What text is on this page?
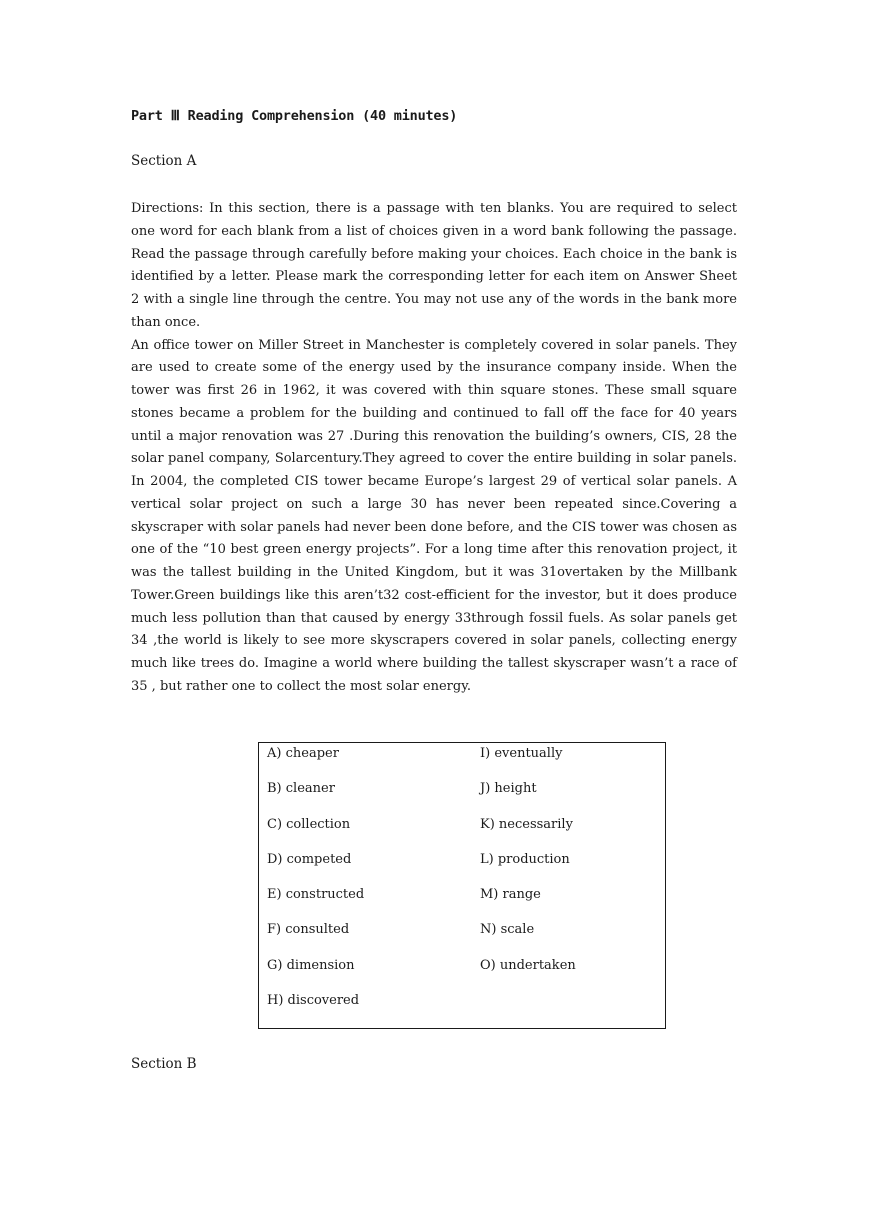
Part Ⅲ Reading Comprehension (40 minutes)
Section A

Directions: In this section, there is a passage with ten blanks. You are required to select one word for each blank from a list of choices given in a word bank following the passage. Read the passage through carefully before making your choices. Each choice in the bank is identified by a letter. Please mark the corresponding letter for each item on Answer Sheet 2 with a single line through the centre. You may not use any of the words in the bank more than once.

An office tower on Miller Street in Manchester is completely covered in solar panels. They are used to create some of the energy used by the insurance company inside. When the tower was first 26 in 1962, it was covered with thin square stones. These small square stones became a problem for the building and continued to fall off the face for 40 years until a major renovation was 27 .During this renovation the building’s owners, CIS, 28 the solar panel company, Solarcentury.They agreed to cover the entire building in solar panels. In 2004, the completed CIS tower became Europe’s largest 29 of vertical solar panels. A vertical solar project on such a large 30 has never been repeated since.Covering a skyscraper with solar panels had never been done before, and the CIS tower was chosen as one of the “10 best green energy projects”. For a long time after this renovation project, it was the tallest building in the United Kingdom, but it was 31overtaken by the Millbank Tower.Green buildings like this aren’t32 cost-efficient for the investor, but it does produce much less pollution than that caused by energy 33through fossil fuels. As solar panels get 34 ,the world is likely to see more skyscrapers covered in solar panels, collecting energy much like trees do. Imagine a world where building the tallest skyscraper wasn’t a race of 35 , but rather one to collect the most solar energy.

Section B
A) cheaper
B) cleaner
C) collection
D) competed
E) constructed
F) consulted
G) dimension
H) discovered
I) eventually
J) height
K) necessarily
L) production
M) range
N) scale
O) undertaken
